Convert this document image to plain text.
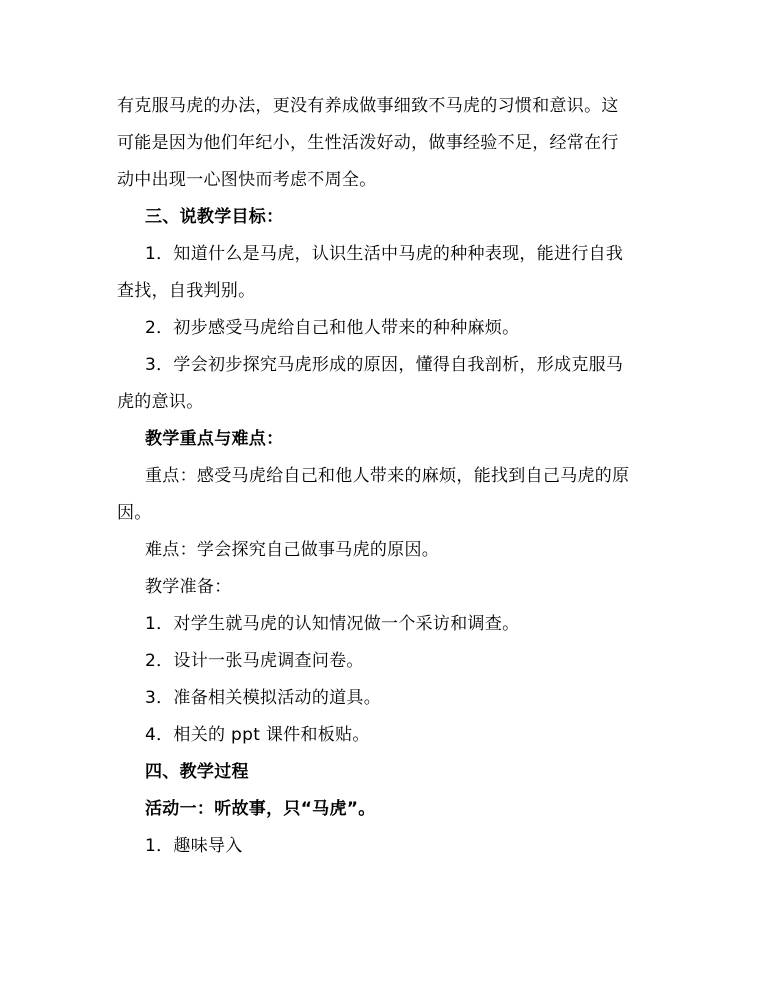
有克服马虎的办法，更没有养成做事细致不马虎的习惯和意识。这
可能是因为他们年纪小，生性活泼好动，做事经验不足，经常在行
动中出现一心图快而考虑不周全。
三、说教学目标：
1．知道什么是马虎，认识生活中马虎的种种表现，能进行自我
查找，自我判别。
2．初步感受马虎给自己和他人带来的种种麻烦。
3．学会初步探究马虎形成的原因，懂得自我剖析，形成克服马
虎的意识。
教学重点与难点：
重点：感受马虎给自己和他人带来的麻烦，能找到自己马虎的原
因。
难点：学会探究自己做事马虎的原因。
教学准备：
1．对学生就马虎的认知情况做一个采访和调查。
2．设计一张马虎调查问卷。
3．准备相关模拟活动的道具。
4．相关的 ppt 课件和板贴。
四、教学过程
活动一：听故事，只“马虎”。
1．趣味导入
